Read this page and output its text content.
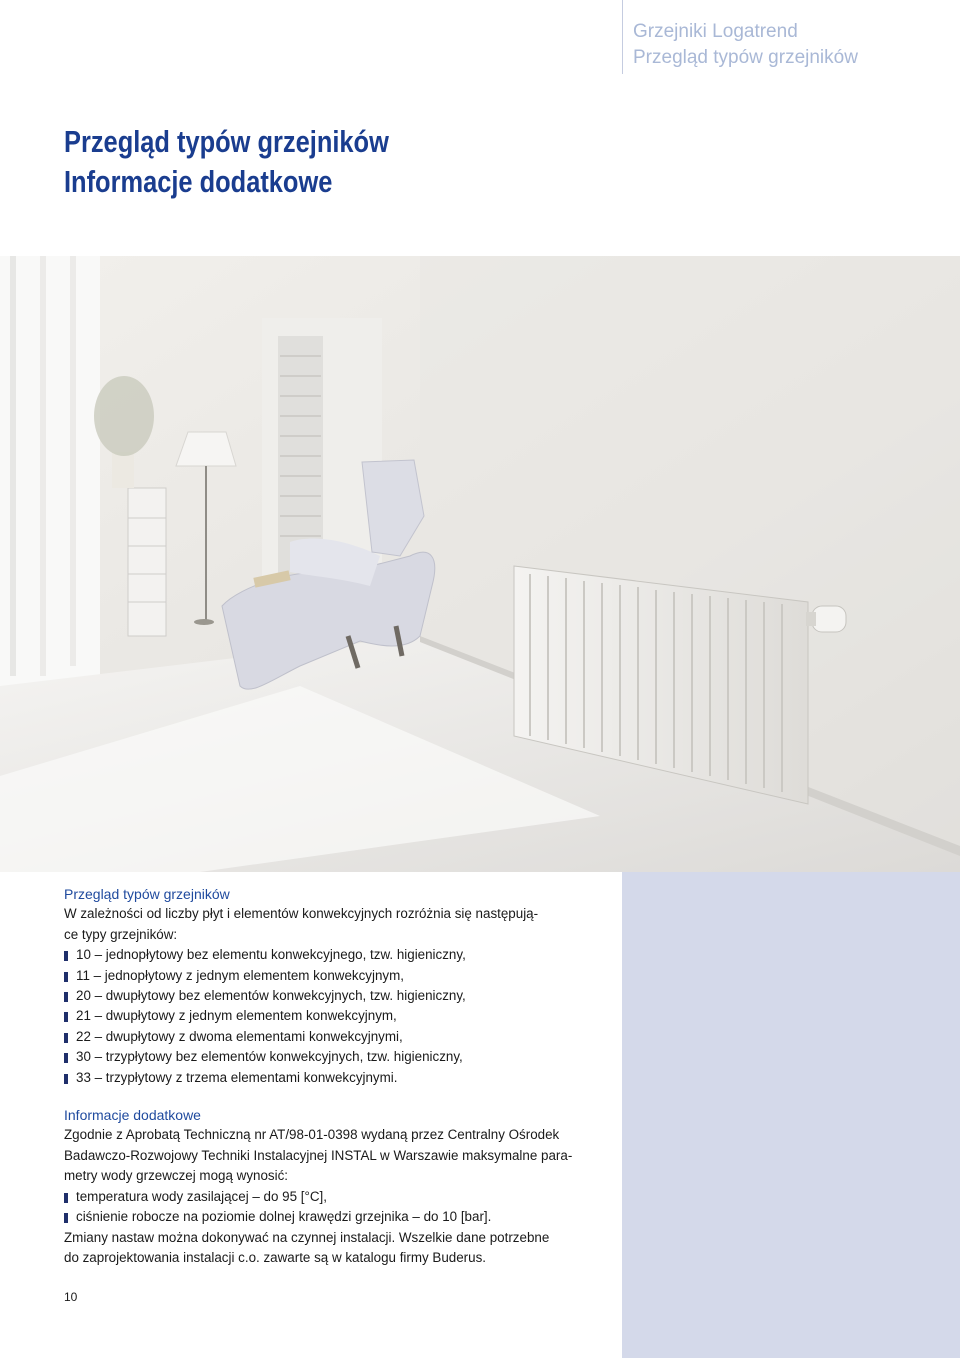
Grzejniki Logatrend
Przegląd typów grzejników
Przegląd typów grzejników
Informacje dodatkowe
Przegląd typów grzejników

W zależności od liczby płyt i elementów konwekcyjnych rozróżnia się następują-
ce typy grzejników:

10 – jednopłytowy bez elementu konwekcyjnego, tzw. higieniczny,
11 – jednopłytowy z jednym elementem konwekcyjnym,
20 – dwupłytowy bez elementów konwekcyjnych, tzw. higieniczny,
21 – dwupłytowy z jednym elementem konwekcyjnym,
22 – dwupłytowy z dwoma elementami konwekcyjnymi,
30 – trzypłytowy bez elementów konwekcyjnych, tzw. higieniczny,
33 – trzypłytowy z trzema elementami konwekcyjnymi.
Informacje dodatkowe

Zgodnie z Aprobatą Techniczną nr AT/98-01-0398 wydaną przez Centralny Ośrodek
Badawczo-Rozwojowy Techniki Instalacyjnej INSTAL w Warszawie maksymalne para-
metry wody grzewczej mogą wynosić:

temperatura wody zasilającej – do 95 [°C],
ciśnienie robocze na poziomie dolnej krawędzi grzejnika – do 10 [bar].

Zmiany nastaw można dokonywać na czynnej instalacji. Wszelkie dane potrzebne
do zaprojektowania instalacji c.o. zawarte są w katalogu firmy Buderus.

10
